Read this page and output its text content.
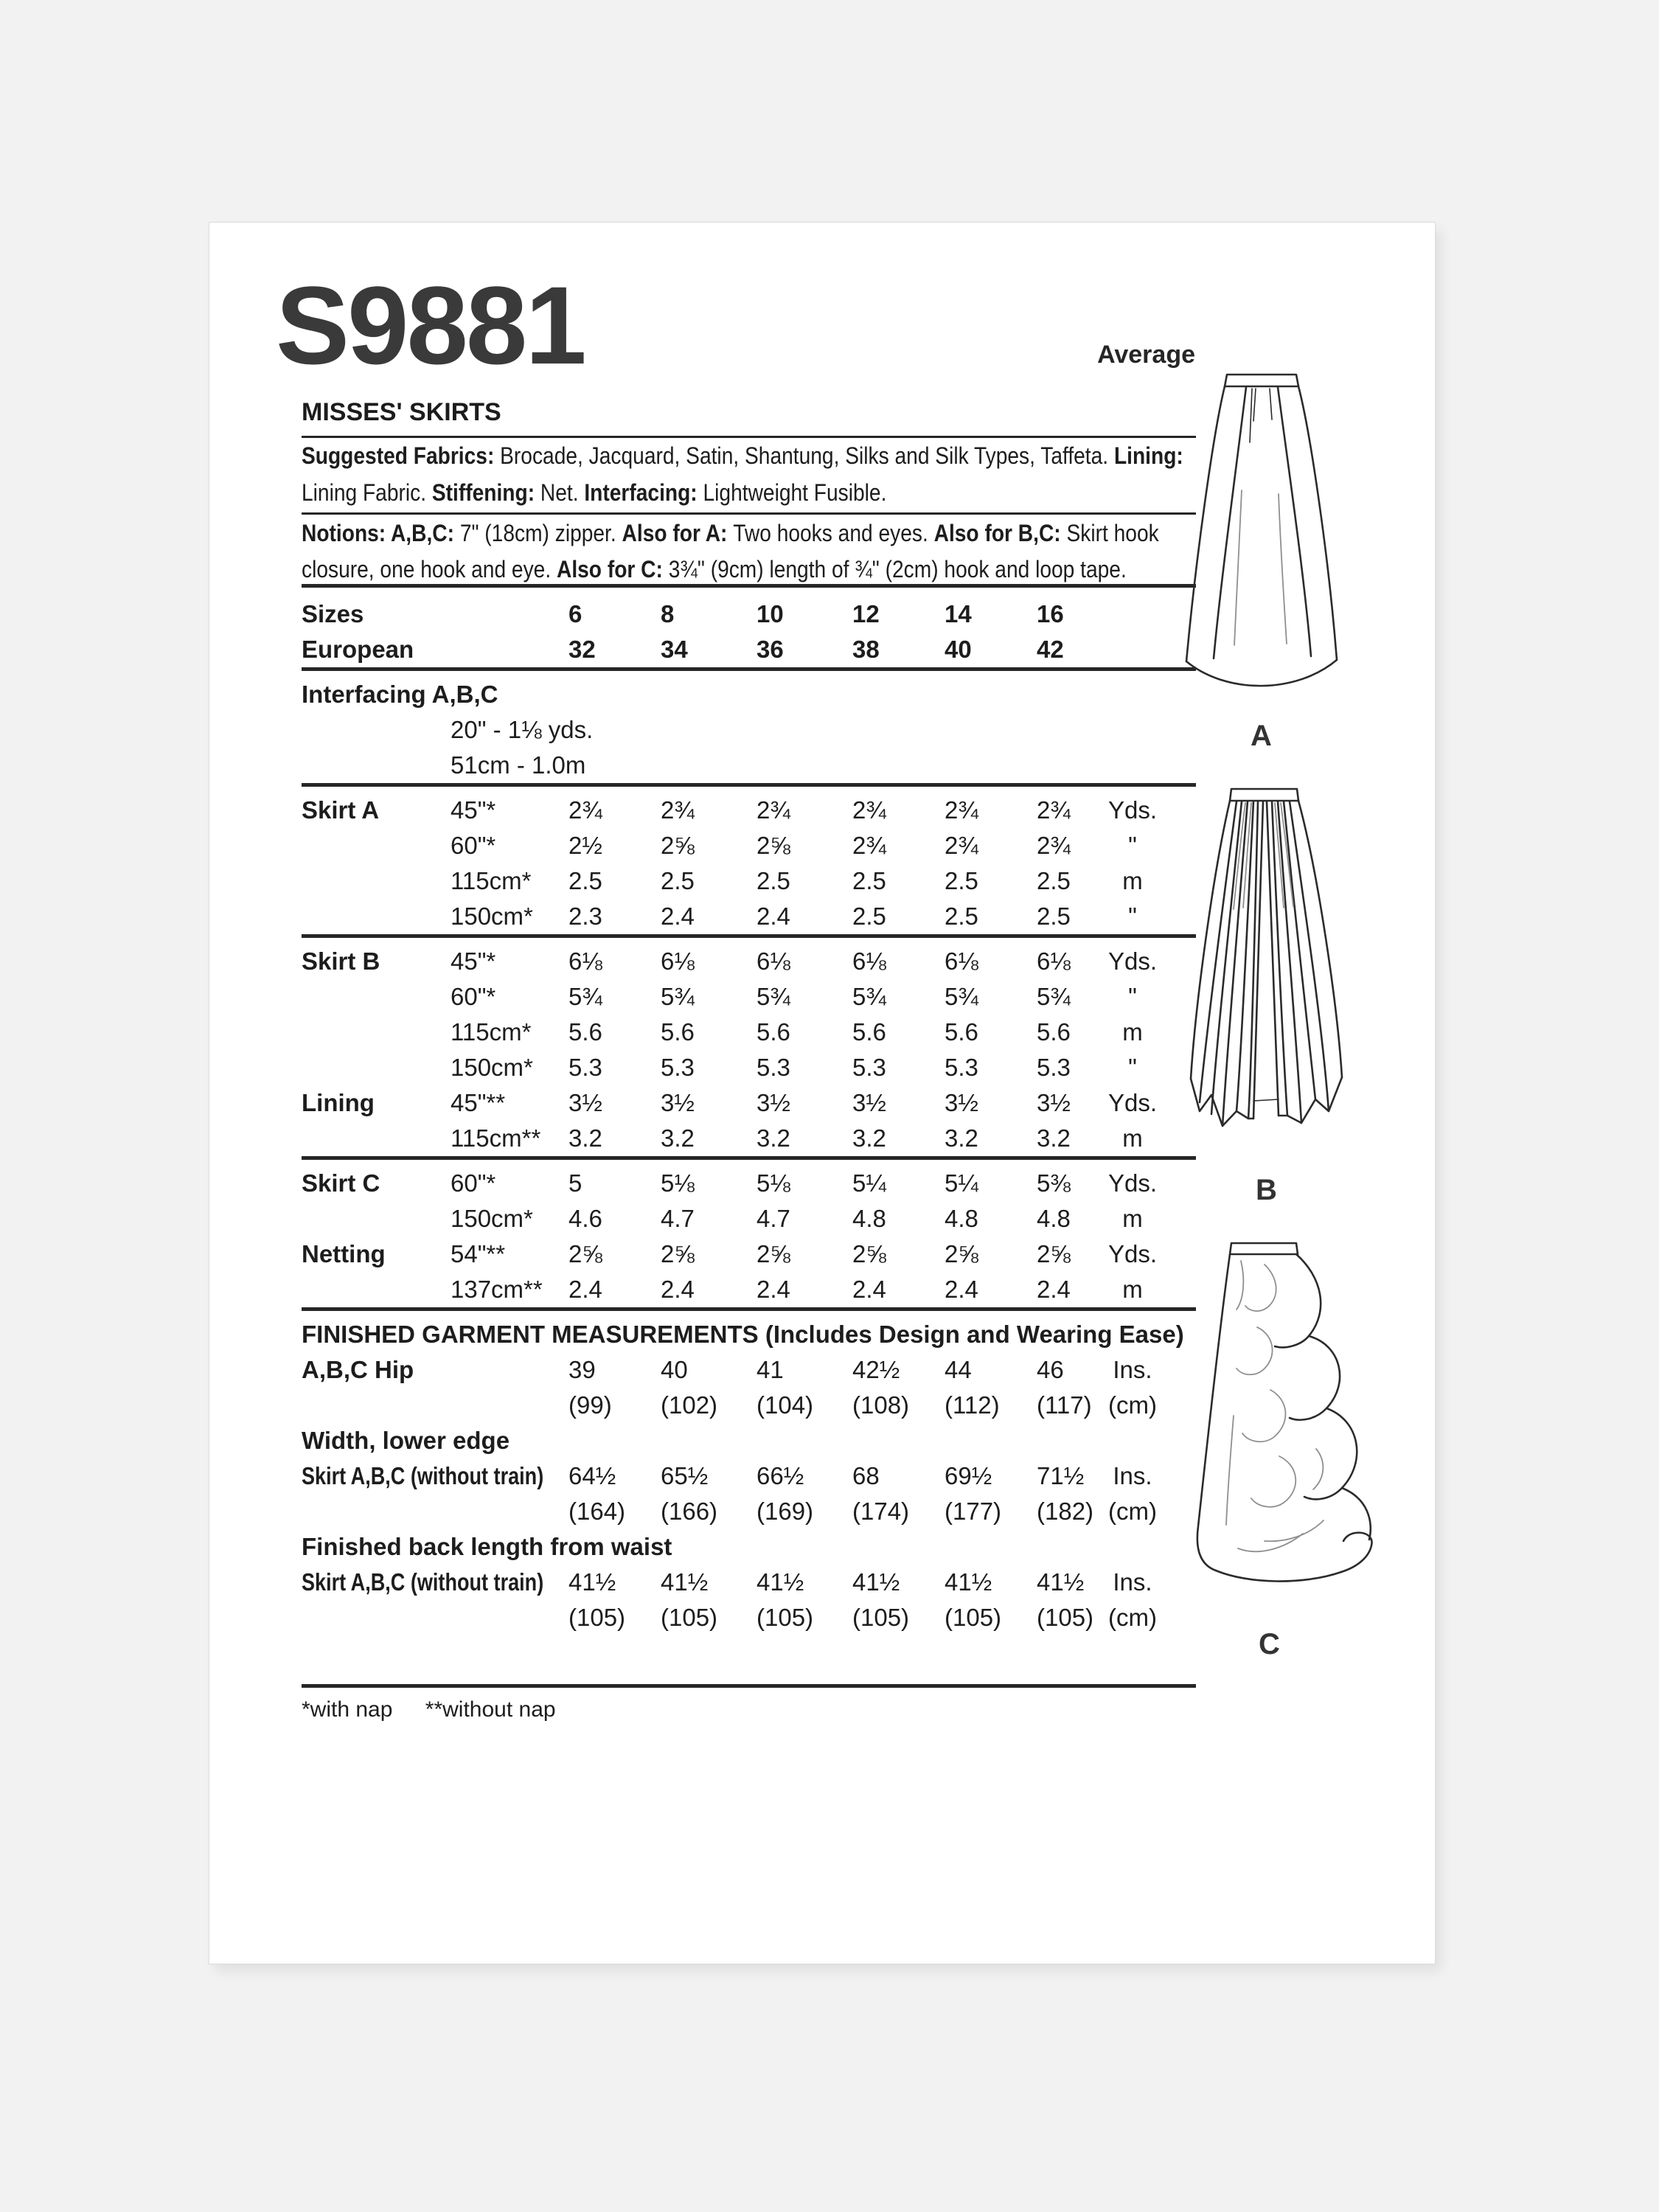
S9881	Average
MISSES' SKIRTS
Suggested Fabrics: Brocade, Jacquard, Satin, Shantung, Silks and Silk Types, Taffeta. Lining:
Lining Fabric. Stiffening: Net. Interfacing: Lightweight Fusible.
Notions: A,B,C: 7" (18cm) zipper. Also for A: Two hooks and eyes. Also for B,C: Skirt hook
closure, one hook and eye. Also for C: 3¾" (9cm) length of ¾" (2cm) hook and loop tape.
Sizes	6	8	10	12	14	16
European	32	34	36	38	40	42
Interfacing A,B,C
20" - 1⅛ yds.
51cm - 1.0m
Skirt A	45"*	2¾ 2¾	2¾	2¾ 2¾ 2¾	Yds.
60"*	2½ 2⅝	2⅝	2¾ 2¾ 2¾	"
115cm* 2.5 2.5	2.5	2.5 2.5 2.5	m
150cm* 2.3 2.4	2.4	2.5 2.5 2.5	"
Skirt B	45"*	6⅛ 6⅛	6⅛	6⅛ 6⅛ 6⅛	Yds.
60"*	5¾ 5¾	5¾	5¾ 5¾ 5¾	"
115cm* 5.6 5.6	5.6	5.6 5.6 5.6	m
150cm* 5.3 5.3	5.3	5.3 5.3 5.3	"
Lining	45"**	3½ 3½	3½	3½ 3½ 3½	Yds.
115cm** 3.2 3.2	3.2	3.2 3.2 3.2	m
Skirt C	60"*	5	5⅛	5⅛	5¼ 5¼ 5⅜	Yds.
150cm* 4.6 4.7	4.7	4.8 4.8 4.8	m
Netting	54"**	2⅝ 2⅝	2⅝	2⅝ 2⅝ 2⅝	Yds.
137cm** 2.4 2.4	2.4	2.4 2.4 2.4	m
FINISHED GARMENT MEASUREMENTS (Includes Design and Wearing Ease)
A,B,C Hip	39	40	41	42½ 44	46	Ins.
(99) (102) (104) (108) (112) (117) (cm)
Width, lower edge
Skirt A,B,C (without train) 64½ 65½ 66½ 68	69½ 71½	Ins.
(164) (166) (169) (174) (177) (182) (cm)
Finished back length from waist
Skirt A,B,C (without train) 41½ 41½ 41½ 41½ 41½ 41½	Ins.
(105) (105) (105) (105) (105) (105) (cm)
*with nap **without nap
A
B
C
